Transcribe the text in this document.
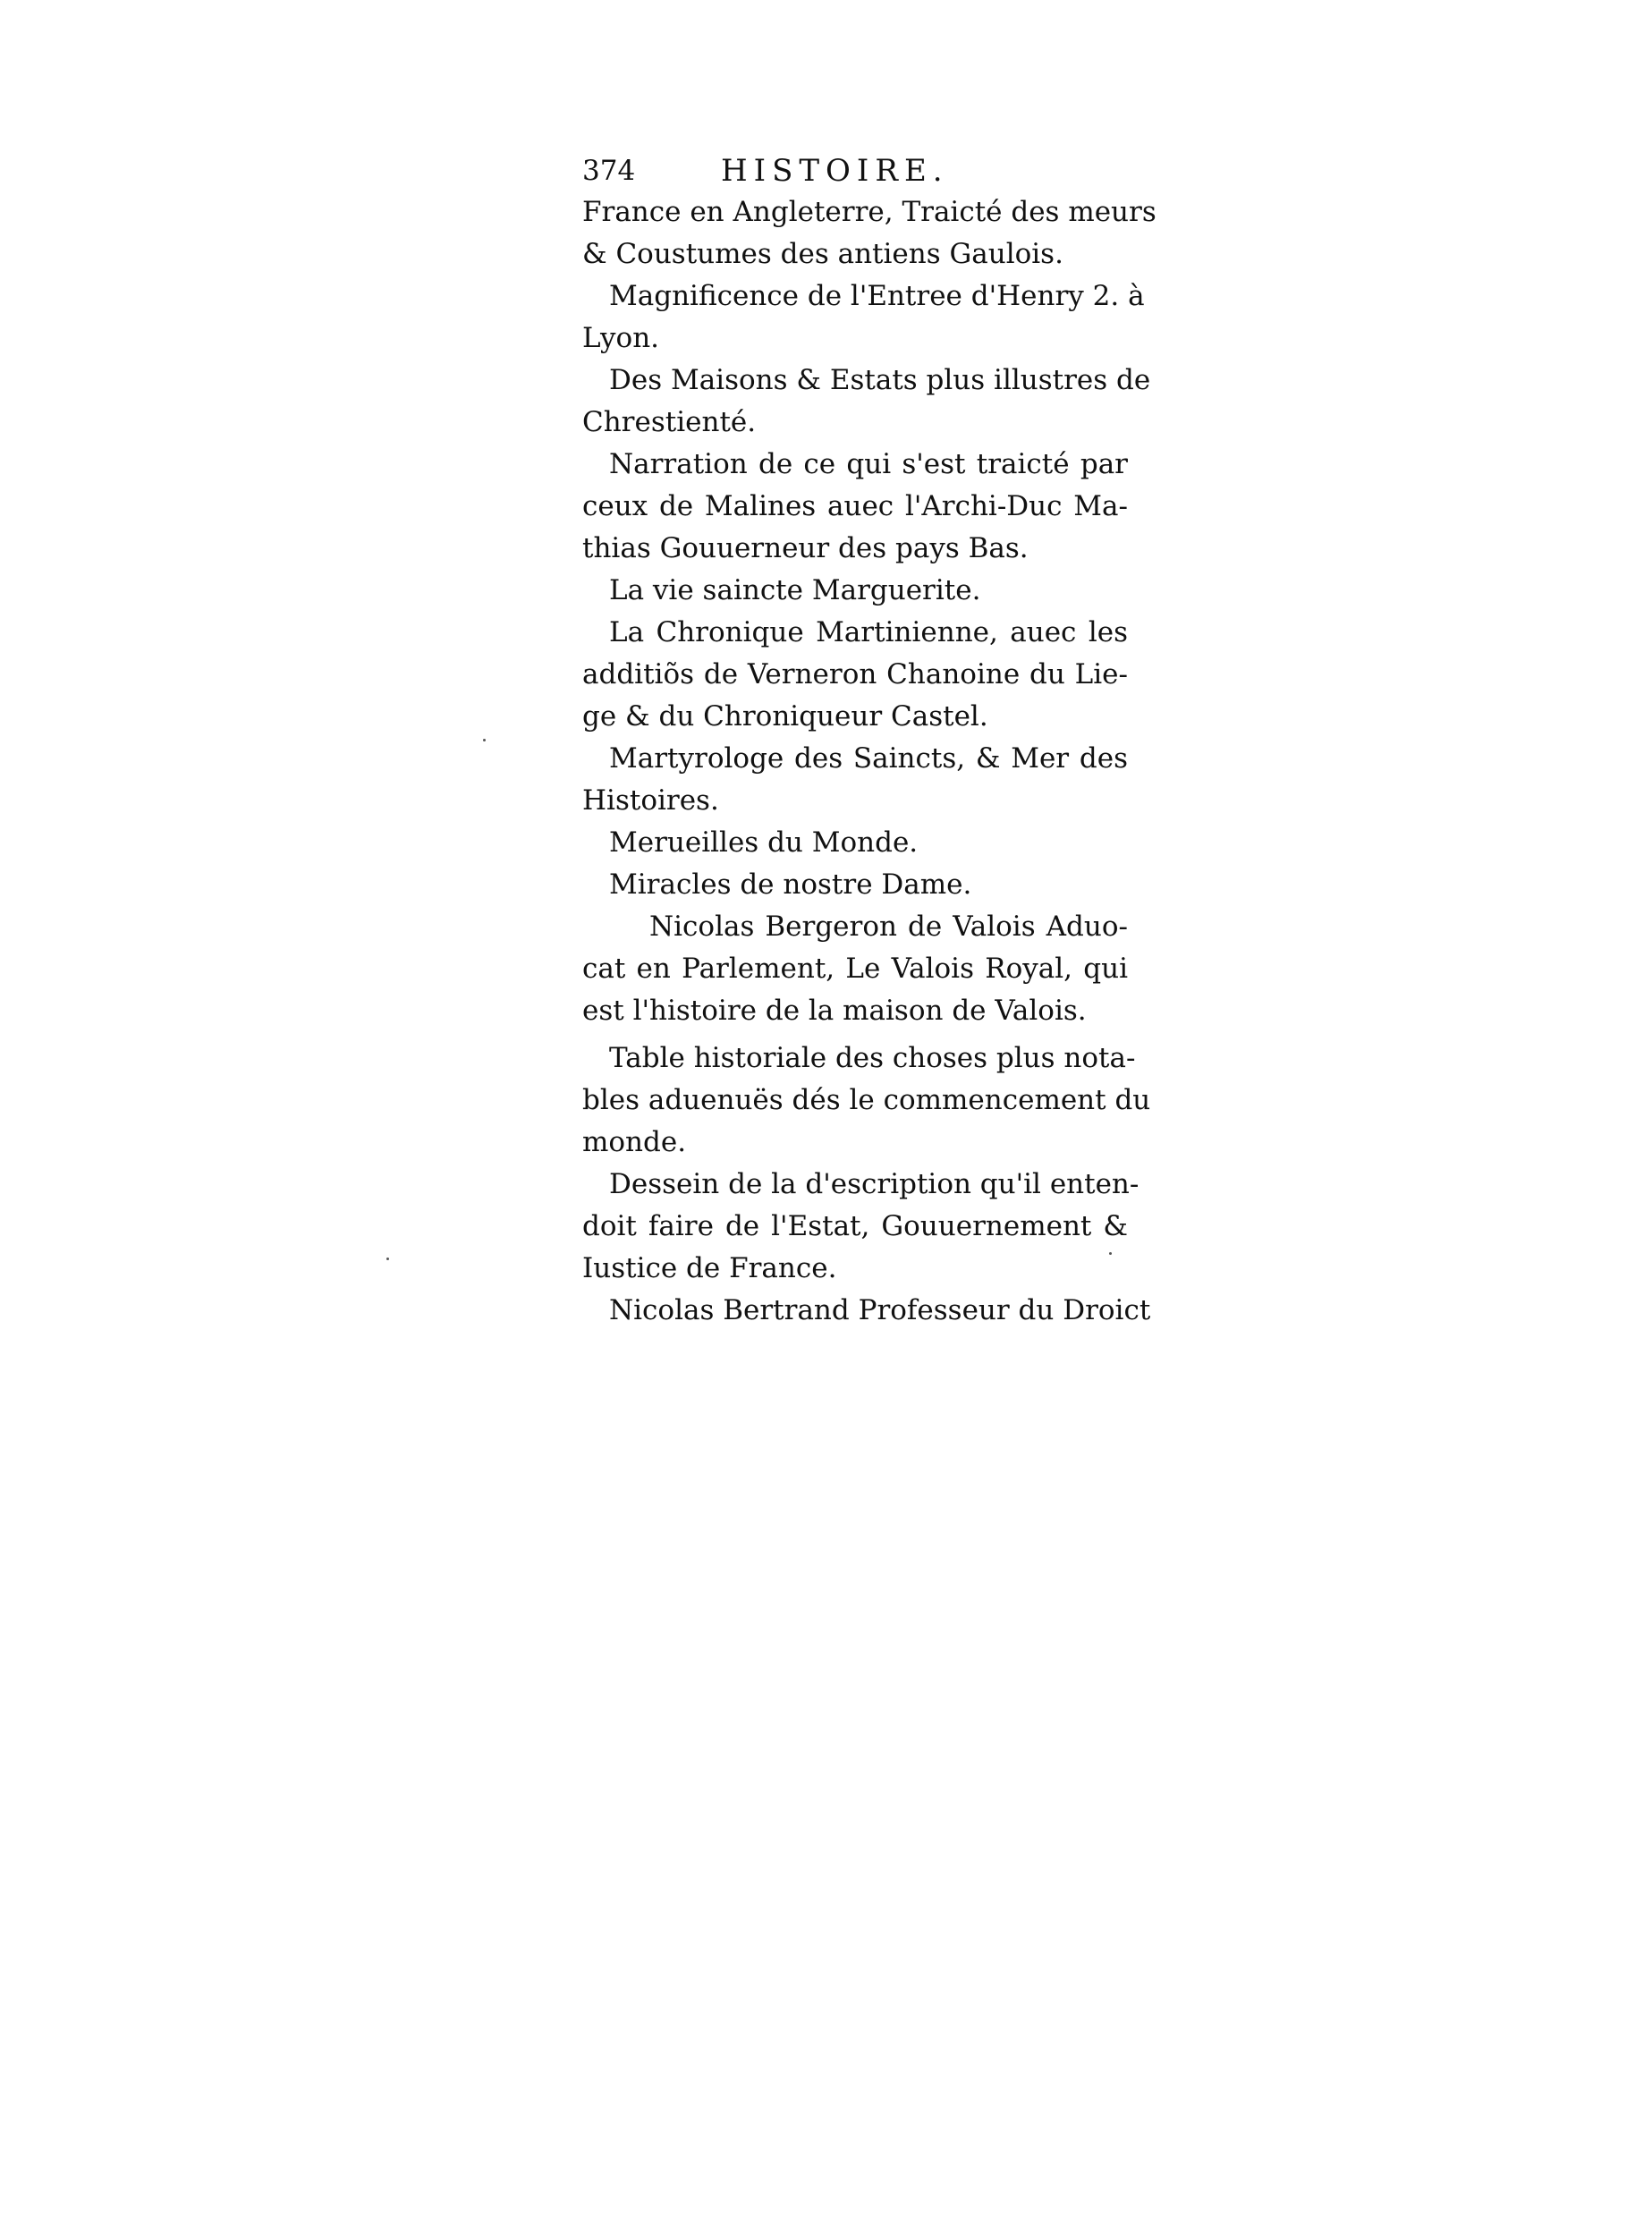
374	HISTOIRE.
France en Angleterre, Traicté des meurs
& Coustumes des antiens Gaulois.
Magnificence de l'Entree d'Henry 2. à
Lyon.
Des Maisons & Estats plus illustres de
Chrestienté.
Narration de ce qui s'est traicté par
ceux de Malines auec l'Archi-Duc Ma-
thias Gouuerneur des pays Bas.
La vie saincte Marguerite.
La Chronique Martinienne, auec les
additiõs de Verneron Chanoine du Lie-
ge & du Chroniqueur Castel.
Martyrologe des Saincts, & Mer des
Histoires.
Merueilles du Monde.
Miracles de nostre Dame.
Nicolas Bergeron de Valois Aduo-
cat en Parlement, Le Valois Royal, qui
est l'histoire de la maison de Valois.
Table historiale des choses plus nota-
bles aduenuës dés le commencement du
monde.
Dessein de la d'escription qu'il enten-
doit faire de l'Estat, Gouuernement &
Iustice de France.
Nicolas Bertrand Professeur du Droict
